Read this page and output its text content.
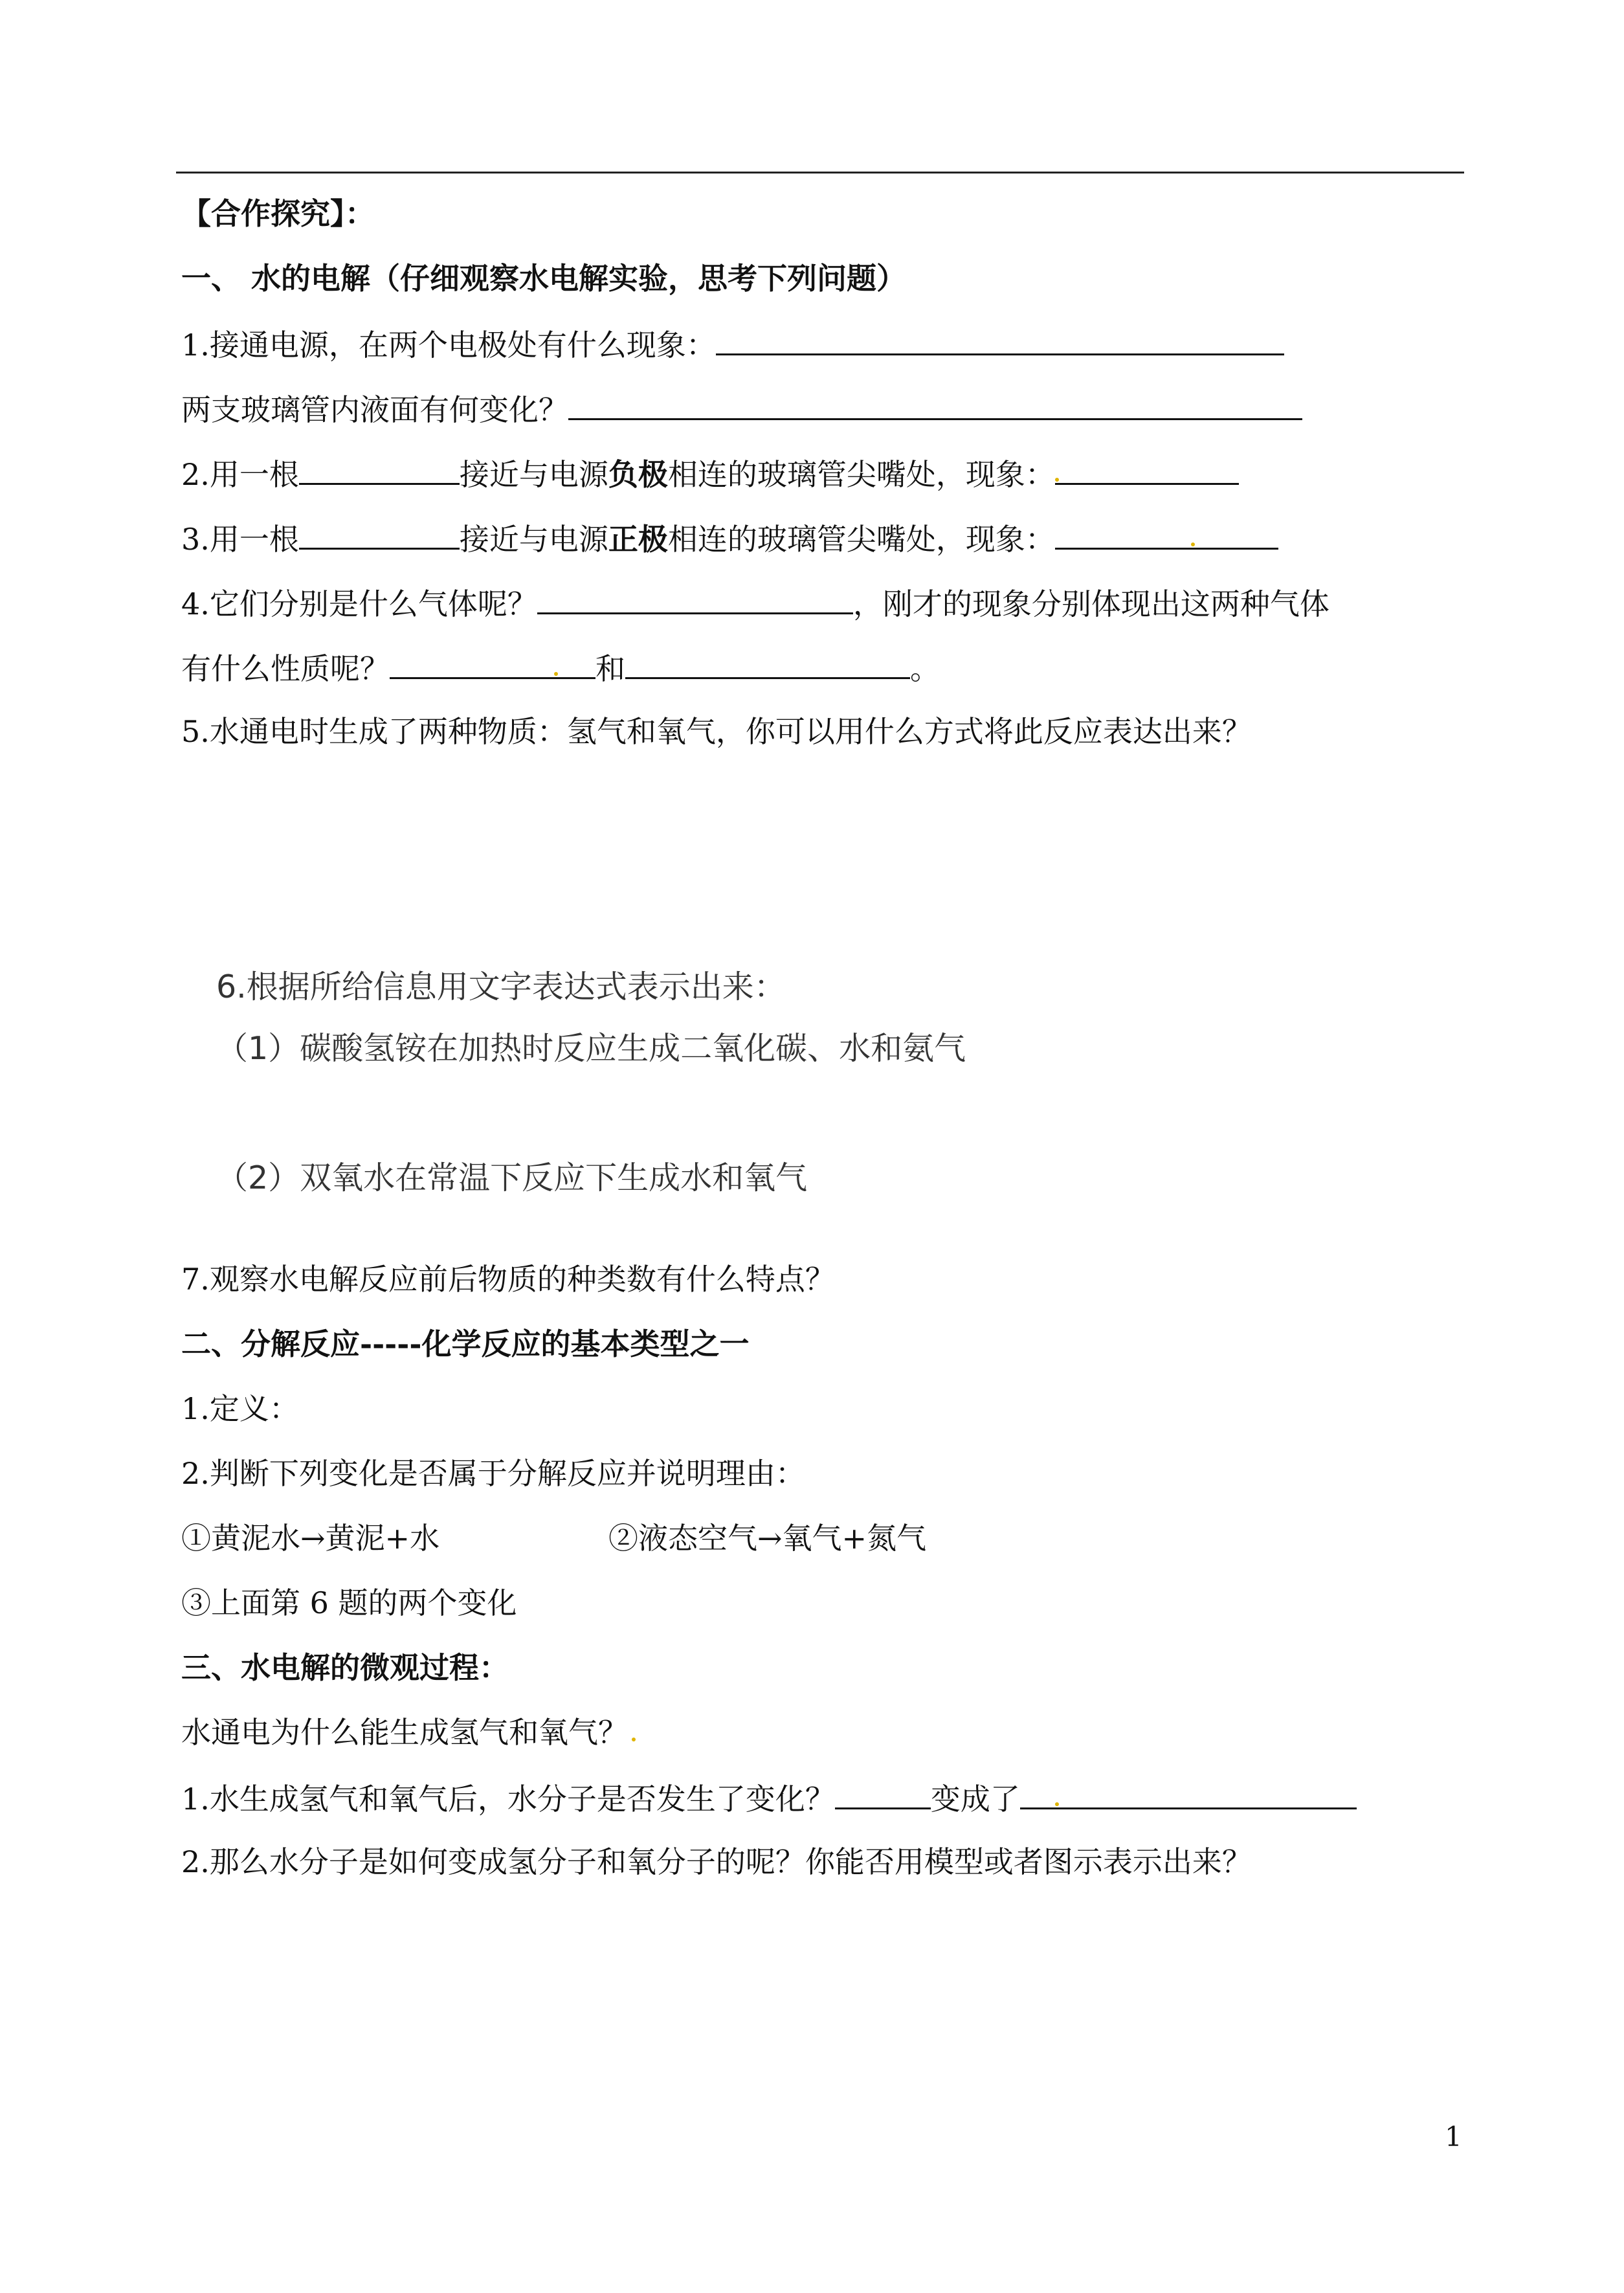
【合作探究】：
一、 水的电解（仔细观察水电解实验，思考下列问题）
1.接通电源，在两个电极处有什么现象：
两支玻璃管内液面有何变化？
2.用一根	接近与电源负极相连的玻璃管尖嘴处，现象：
3.用一根	接近与电源正极相连的玻璃管尖嘴处，现象：
4.它们分别是什么气体呢？	，刚才的现象分别体现出这两种气体
有什么性质呢？	和	。
5.水通电时生成了两种物质：氢气和氧气，你可以用什么方式将此反应表达出来？
6.根据所给信息用文字表达式表示出来：
（1）碳酸氢铵在加热时反应生成二氧化碳、水和氨气
（2）双氧水在常温下反应下生成水和氧气
7.观察水电解反应前后物质的种类数有什么特点？
二、分解反应-----化学反应的基本类型之一
1.定义：
2.判断下列变化是否属于分解反应并说明理由：
①黄泥水→黄泥+水	②液态空气→氧气+氮气
③上面第 6 题的两个变化
三、水电解的微观过程：
水通电为什么能生成氢气和氧气？
1.水生成氢气和氧气后，水分子是否发生了变化？	变成了
2.那么水分子是如何变成氢分子和氧分子的呢？你能否用模型或者图示表示出来？
1
